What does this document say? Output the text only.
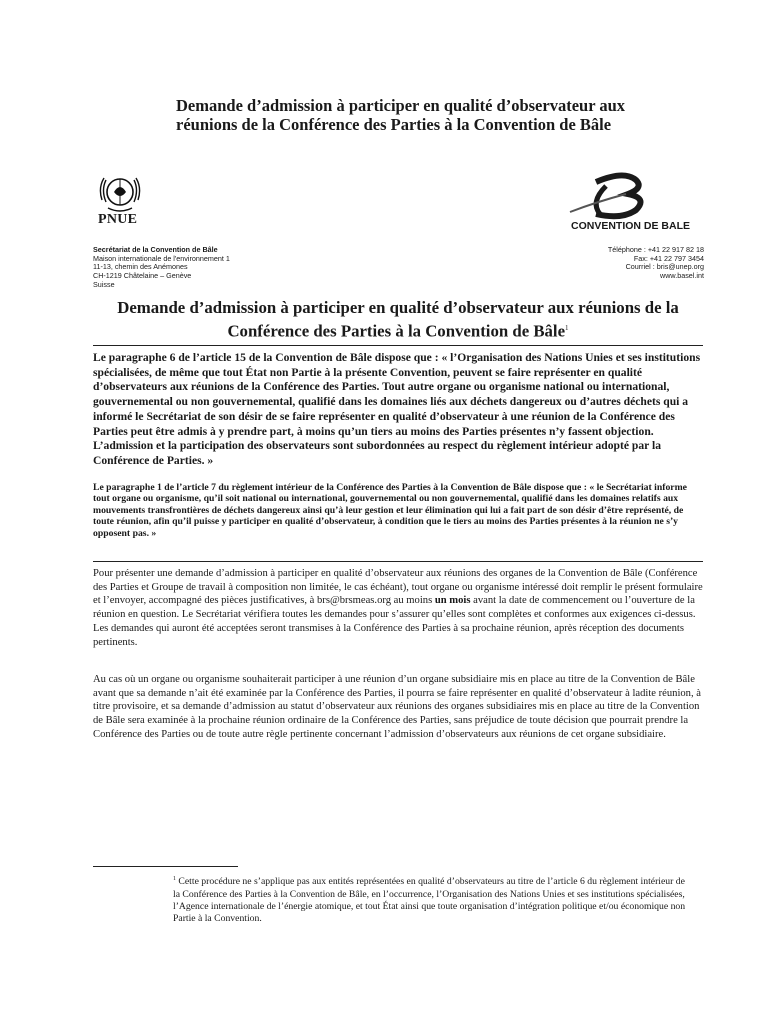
Demande d’admission à participer en qualité d’observateur aux réunions de la Conférence des Parties à la Convention de Bâle
PNUE	CONVENTION DE BALE
Secrétariat de la Convention de Bâle
Maison internationale de l'environnement 1
11-13, chemin des Anémones
CH-1219 Châtelaine – Genève
Suisse
Téléphone : +41 22 917 82 18
Fax: +41 22 797 3454
Courriel : bris@unep.org
www.basel.int
Demande d’admission à participer en qualité d’observateur aux réunions de la Conférence des Parties à la Convention de Bâle$^1$
Le paragraphe 6 de l’article 15 de la Convention de Bâle dispose que : « l’Organisation des Nations Unies et ses institutions spécialisées, de même que tout État non Partie à la présente Convention, peuvent se faire représenter en qualité d’observateurs aux réunions de la Conférence des Parties. Tout autre organe ou organisme national ou international, gouvernemental ou non gouvernemental, qualifié dans les domaines liés aux déchets dangereux ou d’autres déchets qui a informé le Secrétariat de son désir de se faire représenter en qualité d’observateur à une réunion de la Conférence des Parties peut être admis à y prendre part, à moins qu’un tiers au moins des Parties présentes n’y fassent objection. L’admission et la participation des observateurs sont subordonnées au respect du règlement intérieur adopté par la Conférence de Parties. »
Le paragraphe 1 de l’article 7 du règlement intérieur de la Conférence des Parties à la Convention de Bâle dispose que : « le Secrétariat informe tout organe ou organisme, qu’il soit national ou international, gouvernemental ou non gouvernemental, qualifié dans les domaines relatifs aux mouvements transfrontières de déchets dangereux ainsi qu’à leur gestion et leur élimination qui lui a fait part de son désir d’être représenté, de toute réunion, afin qu’il puisse y participer en qualité d’observateur, à condition que le tiers au moins des Parties présentes à la réunion ne s’y opposent pas. »
Pour présenter une demande d’admission à participer en qualité d’observateur aux réunions des organes de la Convention de Bâle (Conférence des Parties et Groupe de travail à composition non limitée, le cas échéant), tout organe ou organisme intéressé doit remplir le présent formulaire et l’envoyer, accompagné des pièces justificatives, à brs@brsmeas.org au moins un mois avant la date de commencement ou l’ouverture de la réunion en question. Le Secrétariat vérifiera toutes les demandes pour s’assurer qu’elles sont complètes et conformes aux exigences ci-dessus. Les demandes qui auront été acceptées seront transmises à la Conférence des Parties à sa prochaine réunion, après réception des documents pertinents.
Au cas où un organe ou organisme souhaiterait participer à une réunion d’un organe subsidiaire mis en place au titre de la Convention de Bâle avant que sa demande n’ait été examinée par la Conférence des Parties, il pourra se faire représenter en qualité d’observateur à ladite réunion, à titre provisoire, et sa demande d’admission au statut d’observateur aux réunions des organes subsidiaires mis en place au titre de la Convention de Bâle sera examinée à la prochaine réunion ordinaire de la Conférence des Parties, sans préjudice de toute décision que pourrait prendre la Conférence des Parties ou de toute autre règle pertinente concernant l’admission d’observateurs aux réunions de cet organe subsidiaire.
$^1$ Cette procédure ne s’applique pas aux entités représentées en qualité d’observateurs au titre de l’article 6 du règlement intérieur de la Conférence des Parties à la Convention de Bâle, en l’occurrence, l’Organisation des Nations Unies et ses institutions spécialisées, l’Agence internationale de l’énergie atomique, et tout État ainsi que toute organisation d’intégration politique et/ou économique non Partie à la Convention.
